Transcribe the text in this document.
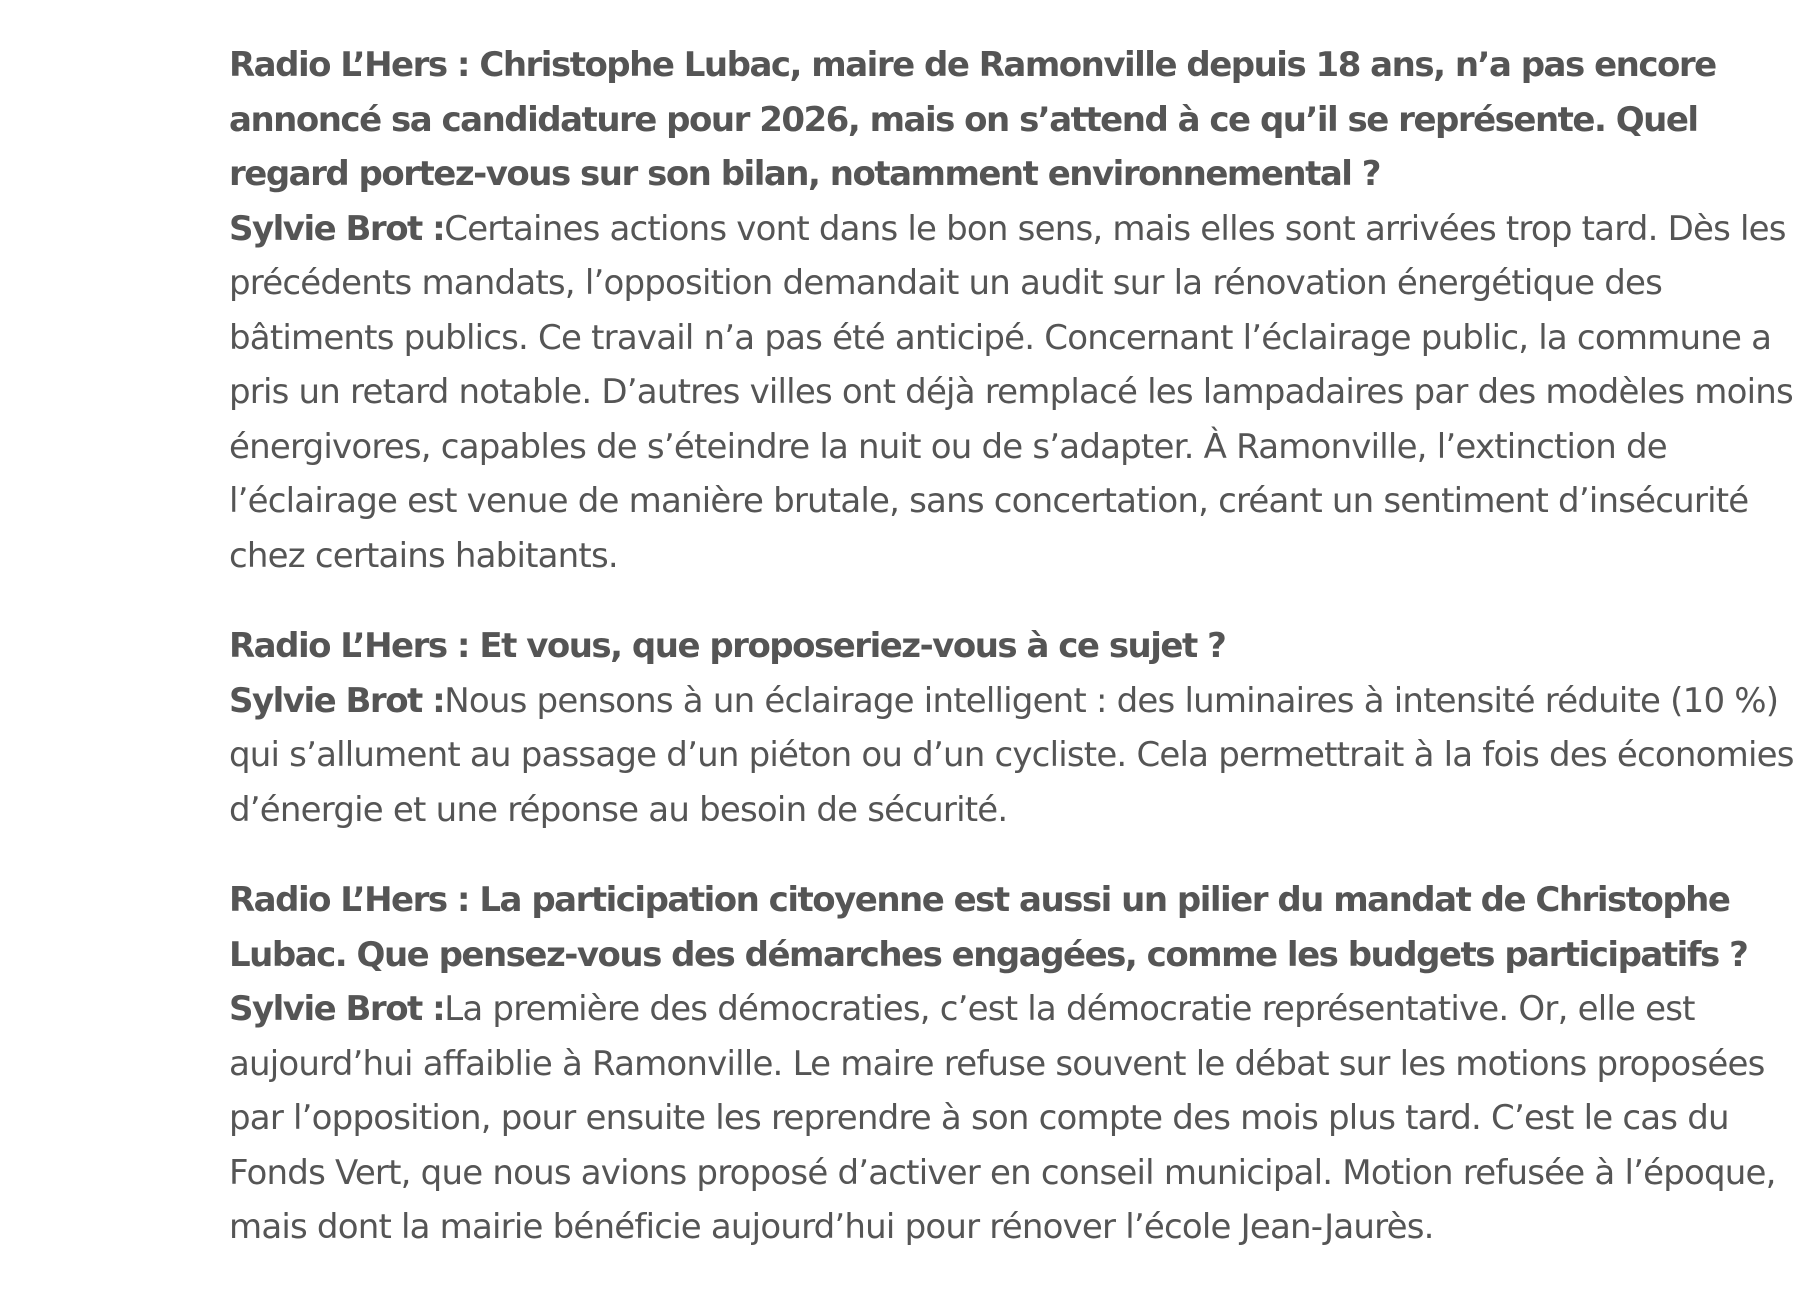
Radio L’Hers : Christophe Lubac, maire de Ramonville depuis 18 ans, n’a pas encore annoncé sa candidature pour 2026, mais on s’attend à ce qu’il se représente. Quel regard portez-vous sur son bilan, notamment environnemental ?
Sylvie Brot :Certaines actions vont dans le bon sens, mais elles sont arrivées trop tard. Dès les précédents mandats, l’opposition demandait un audit sur la rénovation énergétique des bâtiments publics. Ce travail n’a pas été anticipé. Concernant l’éclairage public, la commune a pris un retard notable. D’autres villes ont déjà remplacé les lampadaires par des modèles moins énergivores, capables de s’éteindre la nuit ou de s’adapter. À Ramonville, l’extinction de l’éclairage est venue de manière brutale, sans concertation, créant un sentiment d’insécurité chez certains habitants.
Radio L’Hers : Et vous, que proposeriez-vous à ce sujet ?
Sylvie Brot :Nous pensons à un éclairage intelligent : des luminaires à intensité réduite (10 %) qui s’allument au passage d’un piéton ou d’un cycliste. Cela permettrait à la fois des économies d’énergie et une réponse au besoin de sécurité.
Radio L’Hers : La participation citoyenne est aussi un pilier du mandat de Christophe Lubac. Que pensez-vous des démarches engagées, comme les budgets participatifs ?
Sylvie Brot :La première des démocraties, c’est la démocratie représentative. Or, elle est aujourd’hui affaiblie à Ramonville. Le maire refuse souvent le débat sur les motions proposées par l’opposition, pour ensuite les reprendre à son compte des mois plus tard. C’est le cas du Fonds Vert, que nous avions proposé d’activer en conseil municipal. Motion refusée à l’époque, mais dont la mairie bénéficie aujourd’hui pour rénover l’école Jean-Jaurès.
